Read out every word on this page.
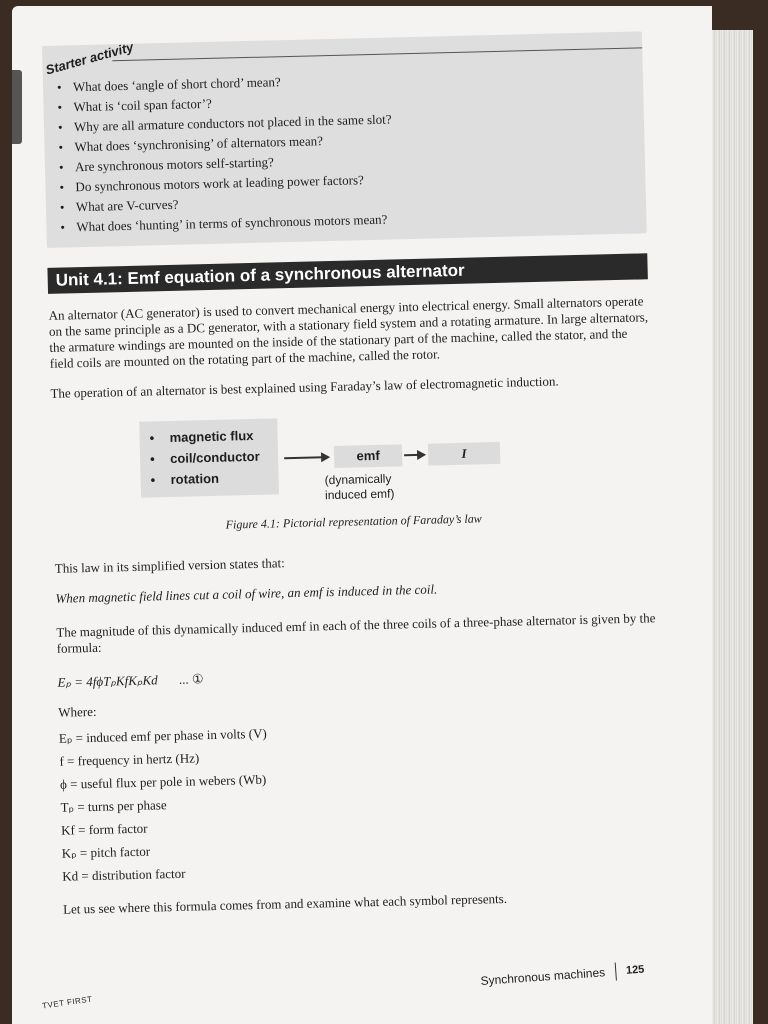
Starter activity
• What does ‘angle of short chord’ mean?
• What is ‘coil span factor’?
• Why are all armature conductors not placed in the same slot?
• What does ‘synchronising’ of alternators mean?
• Are synchronous motors self-starting?
• Do synchronous motors work at leading power factors?
• What are V-curves?
• What does ‘hunting’ in terms of synchronous motors mean?
Unit 4.1: Emf equation of a synchronous alternator

An alternator (AC generator) is used to convert mechanical energy into electrical energy. Small alternators operate on the same principle as a DC generator, with a stationary field system and a rotating armature. In large alternators, the armature windings are mounted on the inside of the stationary part of the machine, called the stator, and the field coils are mounted on the rotating part of the machine, called the rotor.

The operation of an alternator is best explained using Faraday’s law of electromagnetic induction.

• magnetic flux
• coil/conductor
• rotation
emf	I
(dynamically
induced emf)
Figure 4.1: Pictorial representation of Faraday’s law

This law in its simplified version states that:

When magnetic field lines cut a coil of wire, an emf is induced in the coil.

The magnitude of this dynamically induced emf in each of the three coils of a three-phase alternator is given by the formula:

Eₚ = 4fϕTₚKfKₚKd ... ①

Where:

Eₚ = induced emf per phase in volts (V)
f = frequency in hertz (Hz)
ϕ = useful flux per pole in webers (Wb)
Tₚ = turns per phase
Kf = form factor
Kₚ = pitch factor
Kd = distribution factor

Let us see where this formula comes from and examine what each symbol represents.

TVET FIRST
Synchronous machines 125
